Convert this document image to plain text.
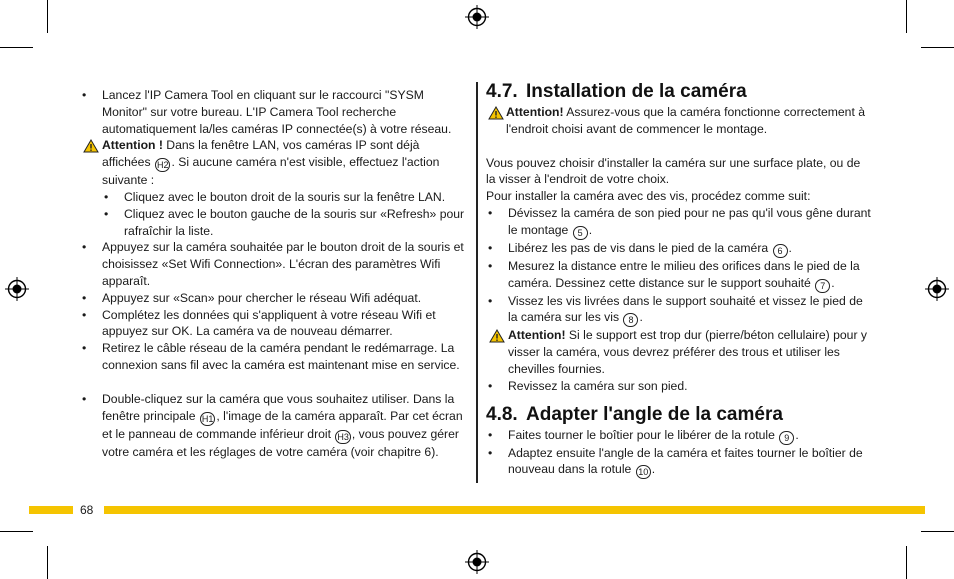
• Lancez l'IP Camera Tool en cliquant sur le raccourci "SYSM Monitor" sur votre bureau. L'IP Camera Tool recherche automatiquement la/les caméras IP connectée(s) à votre réseau.
Attention ! Dans la fenêtre LAN, vos caméras IP sont déjà affichées H2 . Si aucune caméra n'est visible, effectuez l'action suivante :
• Cliquez avec le bouton droit de la souris sur la fenêtre LAN.
• Cliquez avec le bouton gauche de la souris sur «Refresh» pour rafraîchir la liste.
• Appuyez sur la caméra souhaitée par le bouton droit de la souris et choisissez «Set Wifi Connection». L'écran des paramètres Wifi apparaît.
• Appuyez sur «Scan» pour chercher le réseau Wifi adéquat.
• Complétez les données qui s'appliquent à votre réseau Wifi et appuyez sur OK. La caméra va de nouveau démarrer.
• Retirez le câble réseau de la caméra pendant le redémarrage. La connexion sans fil avec la caméra est maintenant mise en service.
• Double-cliquez sur la caméra que vous souhaitez utiliser. Dans la fenêtre principale H1 , l'image de la caméra apparaît. Par cet écran et le panneau de commande inférieur droit H3 , vous pouvez gérer votre caméra et les réglages de votre caméra (voir chapitre 6).
4.7. Installation de la caméra
Attention! Assurez-vous que la caméra fonctionne correctement à l'endroit choisi avant de commencer le montage.
Vous pouvez choisir d'installer la caméra sur une surface plate, ou de la visser à l'endroit de votre choix.
Pour installer la caméra avec des vis, procédez comme suit:
• Dévissez la caméra de son pied pour ne pas qu'il vous gêne durant le montage 5 .
• Libérez les pas de vis dans le pied de la caméra 6 .
• Mesurez la distance entre le milieu des orifices dans le pied de la caméra. Dessinez cette distance sur le support souhaité 7 .
• Vissez les vis livrées dans le support souhaité et vissez le pied de la caméra sur les vis 8 .
Attention! Si le support est trop dur (pierre/béton cellulaire) pour y visser la caméra, vous devrez préférer des trous et utiliser les chevilles fournies.
• Revissez la caméra sur son pied.
4.8. Adapter l'angle de la caméra
• Faites tourner le boîtier pour le libérer de la rotule 9 .
• Adaptez ensuite l'angle de la caméra et faites tourner le boîtier de nouveau dans la rotule 10 .
68
